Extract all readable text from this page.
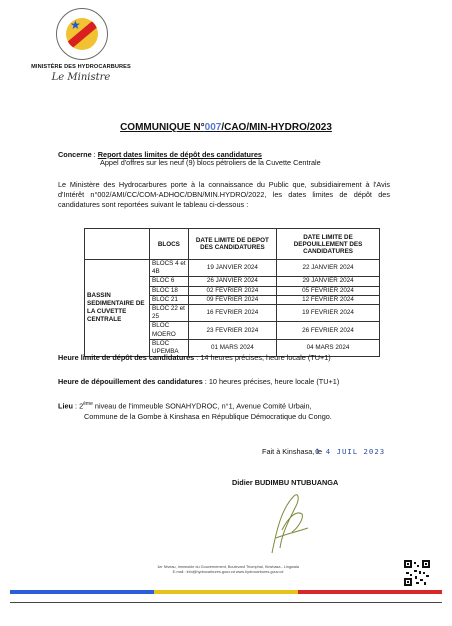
★
MINISTÈRE DES HYDROCARBURES
Le Ministre
COMMUNIQUE N°007/CAO/MIN-HYDRO/2023
Concerne : Report dates limites de dépôt des candidatures
Appel d'offres sur les neuf (9) blocs pétroliers de la Cuvette Centrale
Le Ministère des Hydrocarbures porte à la connaissance du Public que, subsidiairement à l'Avis d'Intérêt n°002/AMI/CC/COM-ADHOC/DBN/MIN.HYDRO/2022, les dates limites de dépôt des candidatures sont reportées suivant le tableau ci-dessous :
	BLOCS	DATE LIMITE DE DEPOT DES CANDIDATURES	DATE LIMITE DE DEPOUILLEMENT DES CANDIDATURES
BASSIN SEDIMENTAIRE DE LA CUVETTE CENTRALE	BLOCS 4 et 4B	19 JANVIER 2024	22 JANVIER 2024
	BLOC 6	26 JANVIER 2024	29 JANVIER 2024
	BLOC 18	02 FEVRIER 2024	05 FEVRIER 2024
	BLOC 21	09 FEVRIER 2024	12 FEVRIER 2024
	BLOC 22 et 25	16 FEVRIER 2024	19 FEVRIER 2024
	BLOC MOERO	23 FEVRIER 2024	26 FEVRIER 2024
	BLOC UPEMBA	01 MARS 2024	04 MARS 2024
Heure limite de dépôt des candidatures : 14 heures précises, heure locale (TU+1)
Heure de dépouillement des candidatures : 10 heures précises, heure locale (TU+1)
Lieu : 2ème niveau de l'immeuble SONAHYDROC, n°1, Avenue Comité Urbain,
Commune de la Gombe à Kinshasa en République Démocratique du Congo.
Fait à Kinshasa, le
0 4 JUIL 2023
Didier BUDIMBU NTUBUANGA
1er Niveau, Immeuble du Gouvernement, Boulevard Triomphal, Kinshasa - Lingwala
E-mail : info@hydrocarbures.gouv.cd www.hydrocarbures.gouv.cd
